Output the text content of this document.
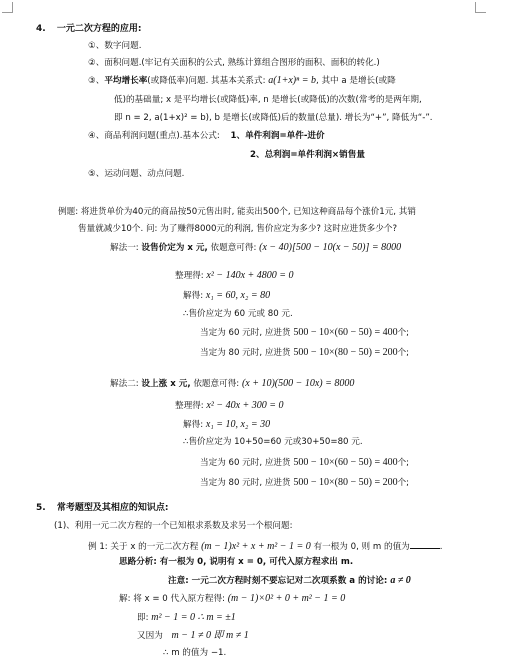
4. 一元二次方程的应用:
①、数字问题.
②、面积问题.(牢记有关面积的公式, 熟练计算组合图形的面积、面积的转化.)
③、平均增长率(或降低率)问题. 其基本关系式: a(1+x)ⁿ = b, 其中 a 是增长(或降
低)的基础量; x 是平均增长(或降低)率, n 是增长(或降低)的次数(常考的是两年期,
即 n = 2, a(1+x)² = b), b 是增长(或降低)后的数量(总量). 增长为“+”, 降低为“-”.
④、商品利润问题(重点).基本公式: 1、单件利润=单件-进价
2、总利润=单件利润×销售量
⑤、运动问题、动点问题.
例题: 将进货单价为40元的商品按50元售出时, 能卖出500个, 已知这种商品每个涨价1元, 其销
售量就减少10个. 问: 为了赚得8000元的利润, 售价应定为多少? 这时应进货多少个?
解法一: 设售价定为 x 元, 依题意可得: (x − 40)[500 − 10(x − 50)] = 8000
整理得: x² − 140x + 4800 = 0
解得: x₁ = 60, x₂ = 80
∴售价应定为 60 元或 80 元.
当定为 60 元时, 应进货 500 − 10×(60 − 50) = 400个;
当定为 80 元时, 应进货 500 − 10×(80 − 50) = 200个;
解法二: 设上涨 x 元, 依题意可得: (x + 10)(500 − 10x) = 8000
整理得: x² − 40x + 300 = 0
解得: x₁ = 10, x₂ = 30
∴售价应定为 10+50=60 元或30+50=80 元.
当定为 60 元时, 应进货 500 − 10×(60 − 50) = 400个;
当定为 80 元时, 应进货 500 − 10×(80 − 50) = 200个;
5. 常考题型及其相应的知识点:
(1)、利用一元二次方程的一个已知根求系数及求另一个根问题:
例 1: 关于 x 的一元二次方程 (m − 1)x² + x + m² − 1 = 0 有一根为 0, 则 m 的值为	.
思路分析: 有一根为 0, 说明有 x = 0, 可代入原方程求出 m.
注意: 一元二次方程时刻不要忘记对二次项系数 a 的讨论: a ≠ 0
解: 将 x = 0 代入原方程得: (m − 1)×0² + 0 + m² − 1 = 0
即: m² − 1 = 0 ∴ m = ±1
又因为 m − 1 ≠ 0 即 m ≠ 1
∴ m 的值为 −1.
